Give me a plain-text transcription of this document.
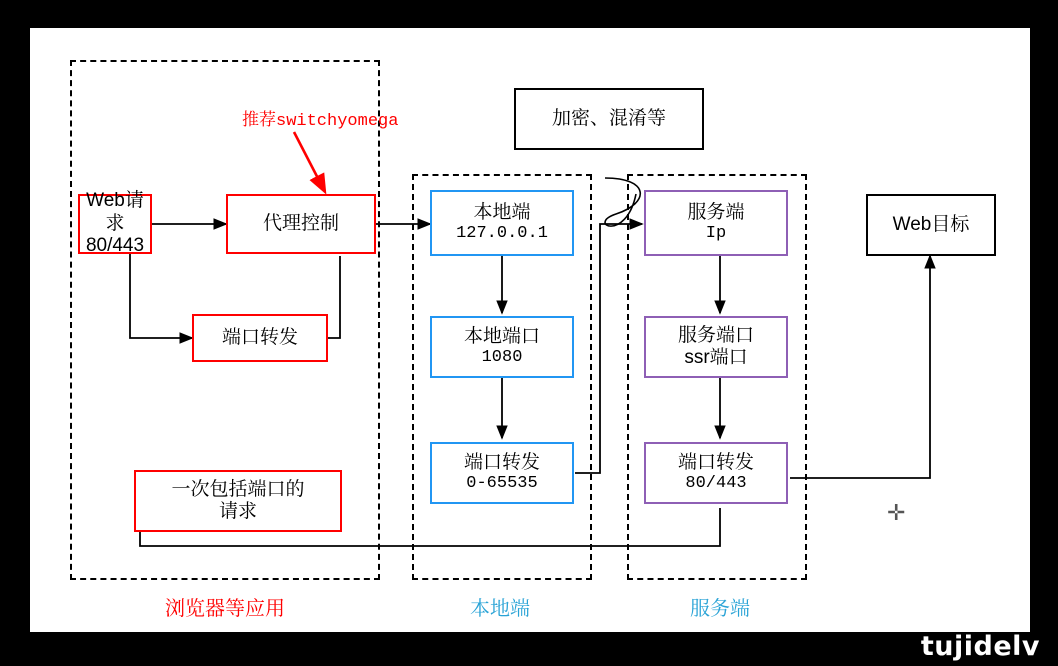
推荐switchyomega
Web请求
80/443
代理控制
端口转发
一次包括端口的
请求
加密、混淆等
本地端
127.0.0.1
本地端口
1080
端口转发
0-65535
服务端
Ip
服务端口
ssr端口
端口转发
80/443
Web目标
浏览器等应用	本地端	服务端
✛
tujidelv
